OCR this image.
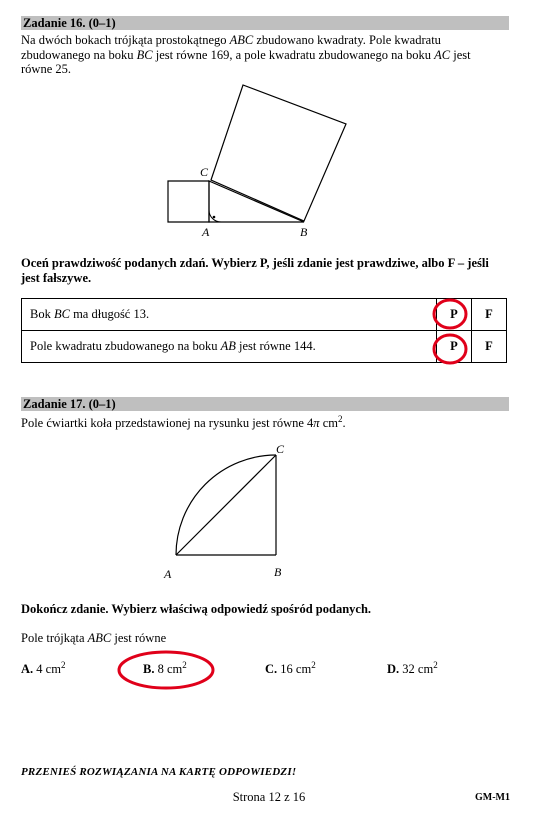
Zadanie 16. (0–1)
Na dwóch bokach trójkąta prostokątnego ABC zbudowano kwadraty. Pole kwadratu
zbudowanego na boku BC jest równe 169, a pole kwadratu zbudowanego na boku AC jest
równe 25.
C
A	B
Oceń prawdziwość podanych zdań. Wybierz P, jeśli zdanie jest prawdziwe, albo F – jeśli
jest fałszywe.
Bok BC ma długość 13.	P	F
Pole kwadratu zbudowanego na boku AB jest równe 144.	P	F
Zadanie 17. (0–1)
Pole ćwiartki koła przedstawionej na rysunku jest równe 4π $cm^2$.
C
A	B
Dokończ zdanie. Wybierz właściwą odpowiedź spośród podanych.
Pole trójkąta ABC jest równe
A. 4 $cm^2$	B. 8 $cm^2$	C. 16 $cm^2$	D. 32 $cm^2$
PRZENIEŚ ROZWIĄZANIA NA KARTĘ ODPOWIEDZI!
Strona 12 z 16	GM-M1
